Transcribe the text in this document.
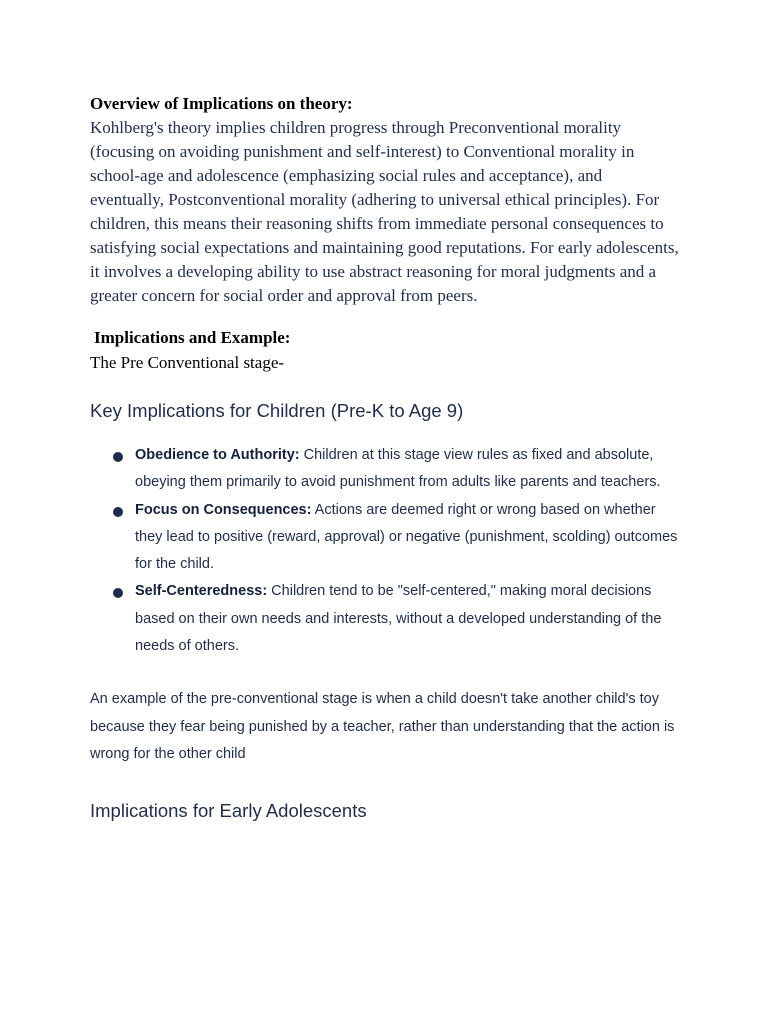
Overview of Implications on theory:

Kohlberg's theory implies children progress through Preconventional morality (focusing on avoiding punishment and self-interest) to Conventional morality in school-age and adolescence (emphasizing social rules and acceptance), and eventually, Postconventional morality (adhering to universal ethical principles). For children, this means their reasoning shifts from immediate personal consequences to satisfying social expectations and maintaining good reputations. For early adolescents, it involves a developing ability to use abstract reasoning for moral judgments and a greater concern for social order and approval from peers.

Implications and Example:

The Pre Conventional stage-

Key Implications for Children (Pre-K to Age 9)
Obedience to Authority: Children at this stage view rules as fixed and absolute, obeying them primarily to avoid punishment from adults like parents and teachers.
Focus on Consequences: Actions are deemed right or wrong based on whether they lead to positive (reward, approval) or negative (punishment, scolding) outcomes for the child.
Self-Centeredness: Children tend to be "self-centered," making moral decisions based on their own needs and interests, without a developed understanding of the needs of others.

An example of the pre-conventional stage is when a child doesn't take another child's toy because they fear being punished by a teacher, rather than understanding that the action is wrong for the other child

Implications for Early Adolescents
